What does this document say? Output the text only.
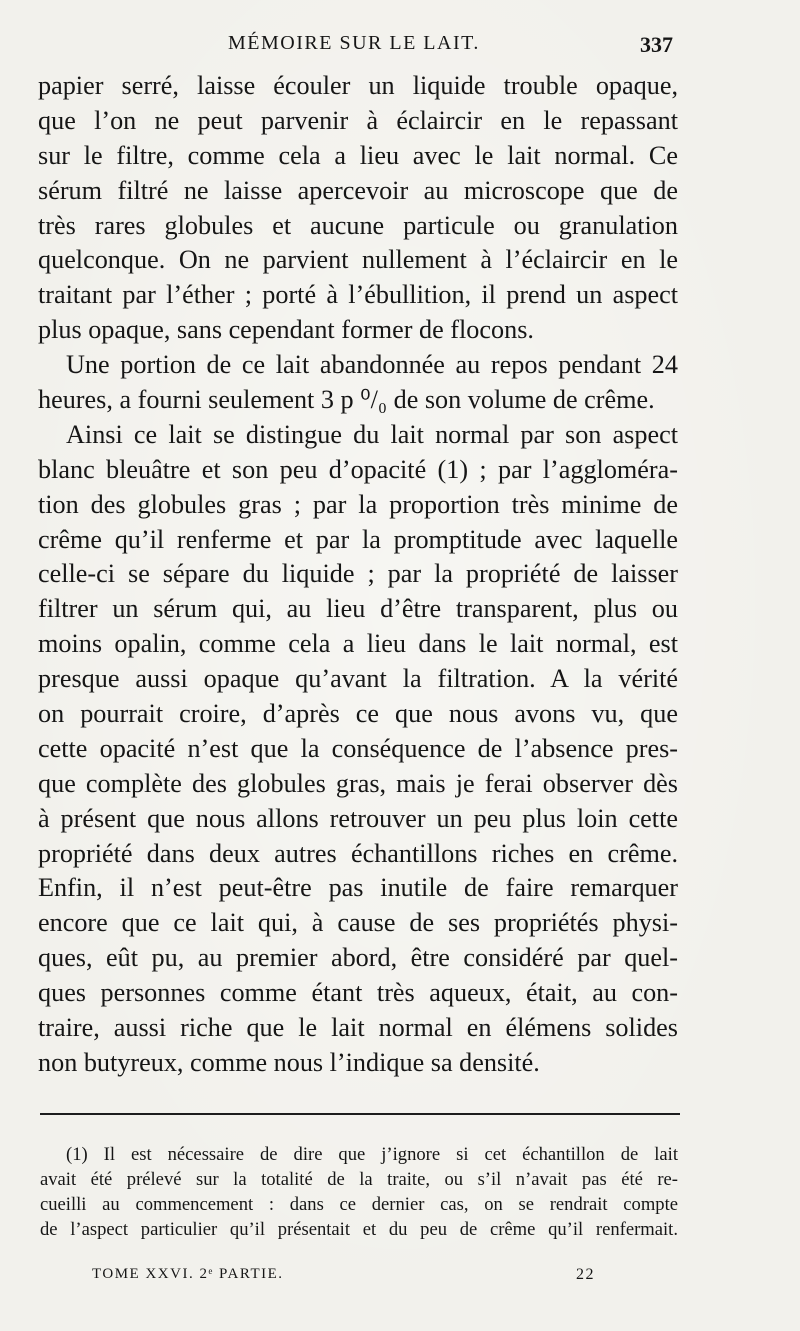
MÉMOIRE SUR LE LAIT.	337
papier serré, laisse écouler un liquide trouble opaque,
que l’on ne peut parvenir à éclaircir en le repassant
sur le filtre, comme cela a lieu avec le lait normal. Ce
sérum filtré ne laisse apercevoir au microscope que de
très rares globules et aucune particule ou granulation
quelconque. On ne parvient nullement à l’éclaircir en le
traitant par l’éther ; porté à l’ébullition, il prend un aspect
plus opaque, sans cependant former de flocons.
Une portion de ce lait abandonnée au repos pendant 24
heures, a fourni seulement 3 p ⁰/₀ de son volume de crême.
Ainsi ce lait se distingue du lait normal par son aspect
blanc bleuâtre et son peu d’opacité (1) ; par l’aggloméra-
tion des globules gras ; par la proportion très minime de
crême qu’il renferme et par la promptitude avec laquelle
celle-ci se sépare du liquide ; par la propriété de laisser
filtrer un sérum qui, au lieu d’être transparent, plus ou
moins opalin, comme cela a lieu dans le lait normal, est
presque aussi opaque qu’avant la filtration. A la vérité
on pourrait croire, d’après ce que nous avons vu, que
cette opacité n’est que la conséquence de l’absence pres-
que complète des globules gras, mais je ferai observer dès
à présent que nous allons retrouver un peu plus loin cette
propriété dans deux autres échantillons riches en crême.
Enfin, il n’est peut-être pas inutile de faire remarquer
encore que ce lait qui, à cause de ses propriétés physi-
ques, eût pu, au premier abord, être considéré par quel-
ques personnes comme étant très aqueux, était, au con-
traire, aussi riche que le lait normal en élémens solides
non butyreux, comme nous l’indique sa densité.
(1) Il est nécessaire de dire que j’ignore si cet échantillon de lait
avait été prélevé sur la totalité de la traite, ou s’il n’avait pas été re-
cueilli au commencement : dans ce dernier cas, on se rendrait compte
de l’aspect particulier qu’il présentait et du peu de crême qu’il renfermait.
TOME XXVI. 2ᵉ PARTIE.	22
